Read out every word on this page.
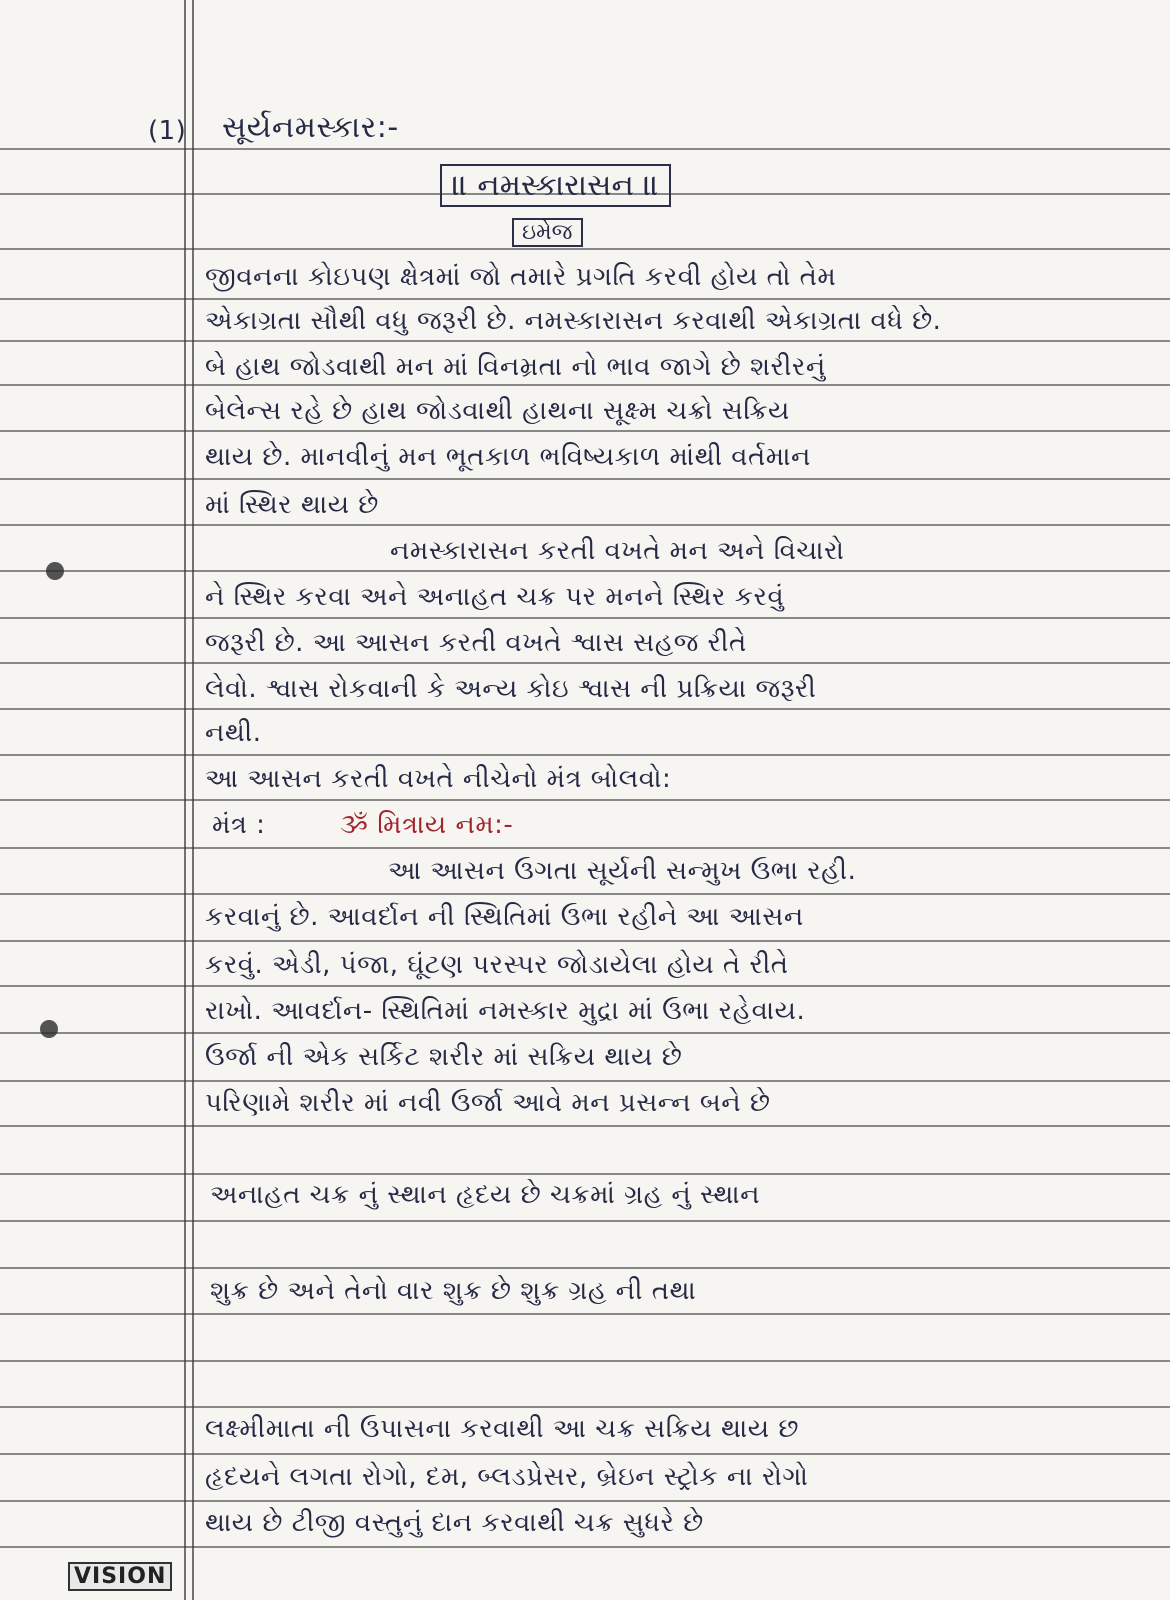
(1) સૂર્યનમસ્કાર:-
॥ નમસ્કારાસન ॥
ઇમેજ
જીવનના કોઇપણ ક્ષેત્રમાં જો તમારે પ્રગતિ કરવી હોય તો તેમ
એકાગ્રતા સૌથી વધુ જરૂરી છે. નમસ્કારાસન કરવાથી એકાગ્રતા વધે છે.
બે હાથ જોડવાથી મન માં વિનમ્રતા નો ભાવ જાગે છે શરીરનું
બેલેન્સ રહે છે હાથ જોડવાથી હાથના સૂક્ષ્મ ચક્રો સક્રિય
થાય છે. માનવીનું મન ભૂતકાળ ભવિષ્યકાળ માંથી વર્તમાન
માં સ્થિર થાય છે
નમસ્કારાસન કરતી વખતે મન અને વિચારો
ને સ્થિર કરવા અને અનાહત ચક્ર પર મનને સ્થિર કરવું
જરૂરી છે. આ આસન કરતી વખતે શ્વાસ સહજ રીતે
લેવો. શ્વાસ રોકવાની કે અન્ય કોઇ શ્વાસ ની પ્રક્રિયા જરૂરી
નથી.
આ આસન કરતી વખતે નીચેનો મંત્ર બોલવો:
મંત્ર :	ૐ મિત્રાય નમ:-
આ આસન ઉગતા સૂર્યની સન્મુખ ઉભા રહી.
કરવાનું છે. આવર્દાન ની સ્થિતિમાં ઉભા રહીને આ આસન
કરવું. એડી, પંજા, ઘૂંટણ પરસ્પર જોડાયેલા હોય તે રીતે
રાખો. આવર્દાન- સ્થિતિમાં નમસ્કાર મુદ્રા માં ઉભા રહેવાય.
ઉર્જા ની એક સર્કિટ શરીર માં સક્રિય થાય છે
પરિણામે શરીર માં નવી ઉર્જા આવે મન પ્રસન્ન બને છે
અનાહત ચક્ર નું સ્થાન હૃદય છે ચક્રમાં ગ્રહ નું સ્થાન
શુક્ર છે અને તેનો વાર શુક્ર છે શુક્ર ગ્રહ ની તથા
લક્ષ્મીમાતા ની ઉપાસના કરવાથી આ ચક્ર સક્રિય થાય છ
હૃદયને લગતા રોગો, દમ, બ્લડપ્રેસર, બ્રેઇન સ્ટ્રોક ના રોગો
થાય છે ટીજી વસ્તુનું દાન કરવાથી ચક્ર સુધરે છે
VISION
